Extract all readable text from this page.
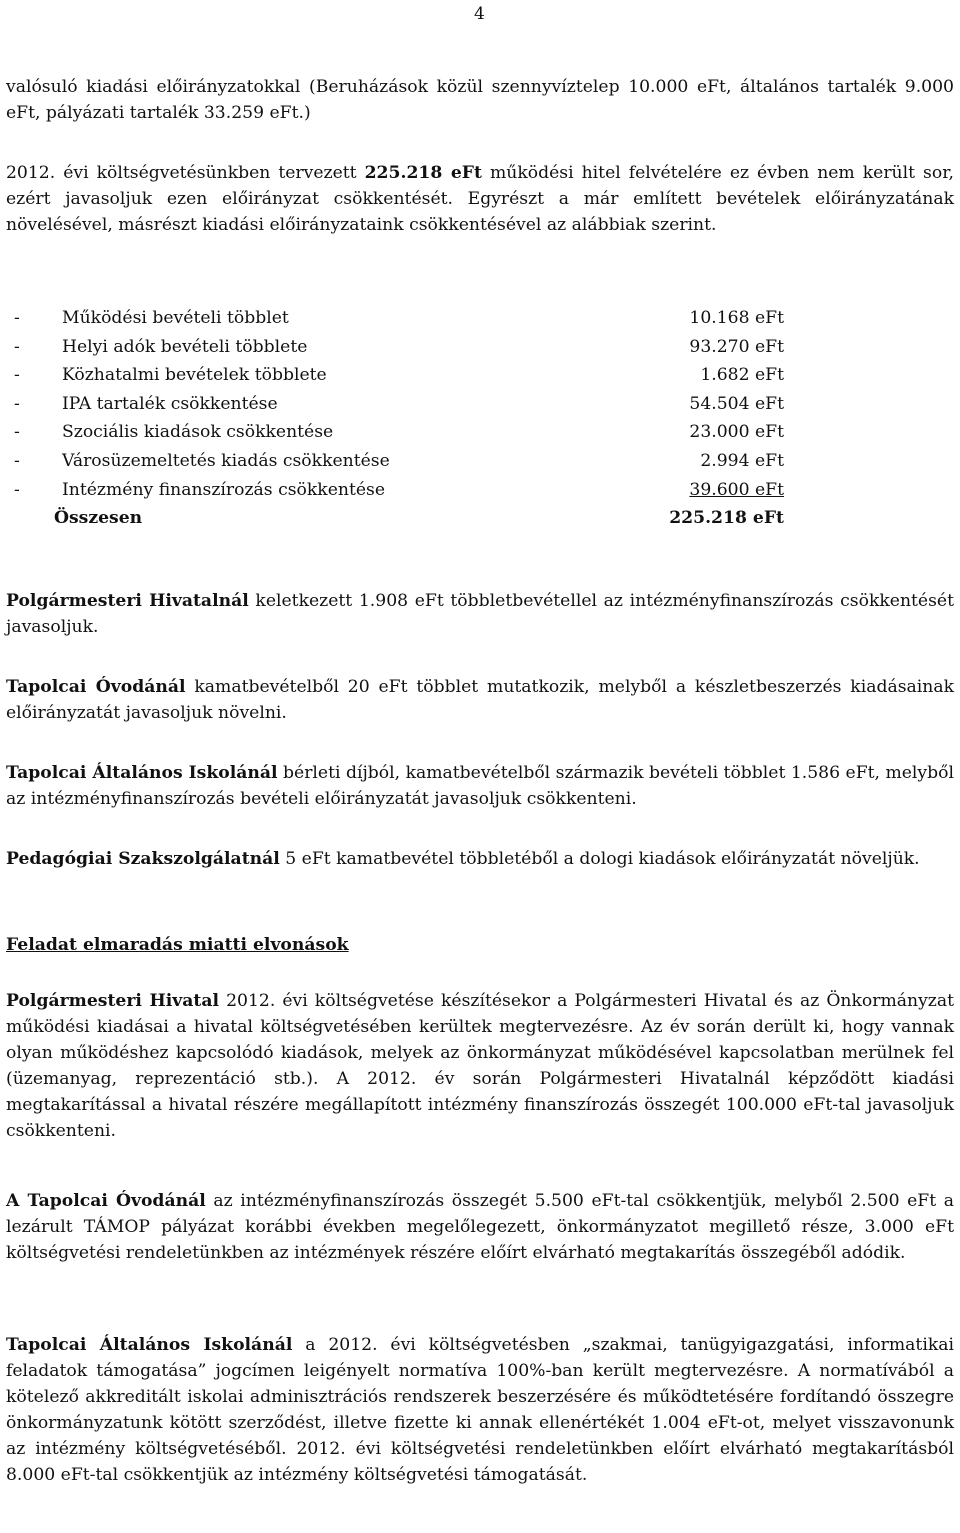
4

valósuló kiadási előirányzatokkal (Beruházások közül szennyvíztelep 10.000 eFt, általános tartalék 9.000 eFt, pályázati tartalék 33.259 eFt.)

2012. évi költségvetésünkben tervezett 225.218 eFt működési hitel felvételére ez évben nem került sor, ezért javasoljuk ezen előirányzat csökkentését. Egyrészt a már említett bevételek előirányzatának növelésével, másrészt kiadási előirányzataink csökkentésével az alábbiak szerint.

- Működési bevételi többlet	10.168 eFt
- Helyi adók bevételi többlete	93.270 eFt
- Közhatalmi bevételek többlete	1.682 eFt
- IPA tartalék csökkentése	54.504 eFt
- Szociális kiadások csökkentése	23.000 eFt
- Városüzemeltetés kiadás csökkentése	2.994 eFt
- Intézmény finanszírozás csökkentése	39.600 eFt
Összesen	225.218 eFt

Polgármesteri Hivatalnál keletkezett 1.908 eFt többletbevétellel az intézményfinanszírozás csökkentését javasoljuk.

Tapolcai Óvodánál kamatbevételből 20 eFt többlet mutatkozik, melyből a készletbeszerzés kiadásainak előirányzatát javasoljuk növelni.

Tapolcai Általános Iskolánál bérleti díjból, kamatbevételből származik bevételi többlet 1.586 eFt, melyből az intézményfinanszírozás bevételi előirányzatát javasoljuk csökkenteni.

Pedagógiai Szakszolgálatnál 5 eFt kamatbevétel többletéből a dologi kiadások előirányzatát növeljük.

Feladat elmaradás miatti elvonások

Polgármesteri Hivatal 2012. évi költségvetése készítésekor a Polgármesteri Hivatal és az Önkormányzat működési kiadásai a hivatal költségvetésében kerültek megtervezésre. Az év során derült ki, hogy vannak olyan működéshez kapcsolódó kiadások, melyek az önkormányzat működésével kapcsolatban merülnek fel (üzemanyag, reprezentáció stb.). A 2012. év során Polgármesteri Hivatalnál képződött kiadási megtakarítással a hivatal részére megállapított intézmény finanszírozás összegét 100.000 eFt-tal javasoljuk csökkenteni.

A Tapolcai Óvodánál az intézményfinanszírozás összegét 5.500 eFt-tal csökkentjük, melyből 2.500 eFt a lezárult TÁMOP pályázat korábbi években megelőlegezett, önkormányzatot megillető része, 3.000 eFt költségvetési rendeletünkben az intézmények részére előírt elvárható megtakarítás összegéből adódik.

Tapolcai Általános Iskolánál a 2012. évi költségvetésben „szakmai, tanügyigazgatási, informatikai feladatok támogatása” jogcímen leigényelt normatíva 100%-ban került megtervezésre. A normatívából a kötelező akkreditált iskolai adminisztrációs rendszerek beszerzésére és működtetésére fordítandó összegre önkormányzatunk kötött szerződést, illetve fizette ki annak ellenértékét 1.004 eFt-ot, melyet visszavonunk az intézmény költségvetéséből. 2012. évi költségvetési rendeletünkben előírt elvárható megtakarításból 8.000 eFt-tal csökkentjük az intézmény költségvetési támogatását.
